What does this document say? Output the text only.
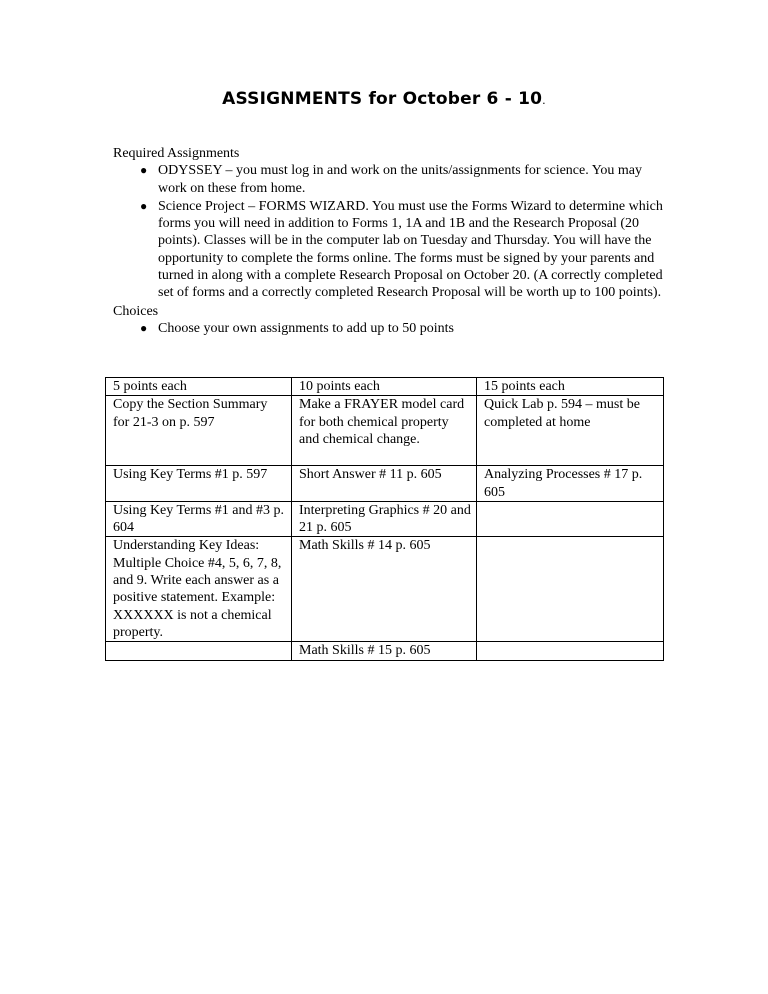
ASSIGNMENTS for October 6 - 10.

Required Assignments

● ODYSSEY – you must log in and work on the units/assignments for science. You may work on these from home.
● Science Project – FORMS WIZARD. You must use the Forms Wizard to determine which forms you will need in addition to Forms 1, 1A and 1B and the Research Proposal (20 points). Classes will be in the computer lab on Tuesday and Thursday. You will have the opportunity to complete the forms online. The forms must be signed by your parents and turned in along with a complete Research Proposal on October 20. (A correctly completed set of forms and a correctly completed Research Proposal will be worth up to 100 points).

Choices

● Choose your own assignments to add up to 50 points
5 points each	10 points each	15 points each
Copy the Section Summary for 21-3 on p. 597	Make a FRAYER model card for both chemical property and chemical change.	Quick Lab p. 594 – must be completed at home
Using Key Terms #1 p. 597	Short Answer # 11 p. 605	Analyzing Processes # 17 p. 605
Using Key Terms #1 and #3 p. 604	Interpreting Graphics # 20 and 21 p. 605	
Understanding Key Ideas: Multiple Choice #4, 5, 6, 7, 8, and 9. Write each answer as a positive statement. Example: XXXXXX is not a chemical property.	Math Skills # 14 p. 605	
	Math Skills # 15 p. 605	
